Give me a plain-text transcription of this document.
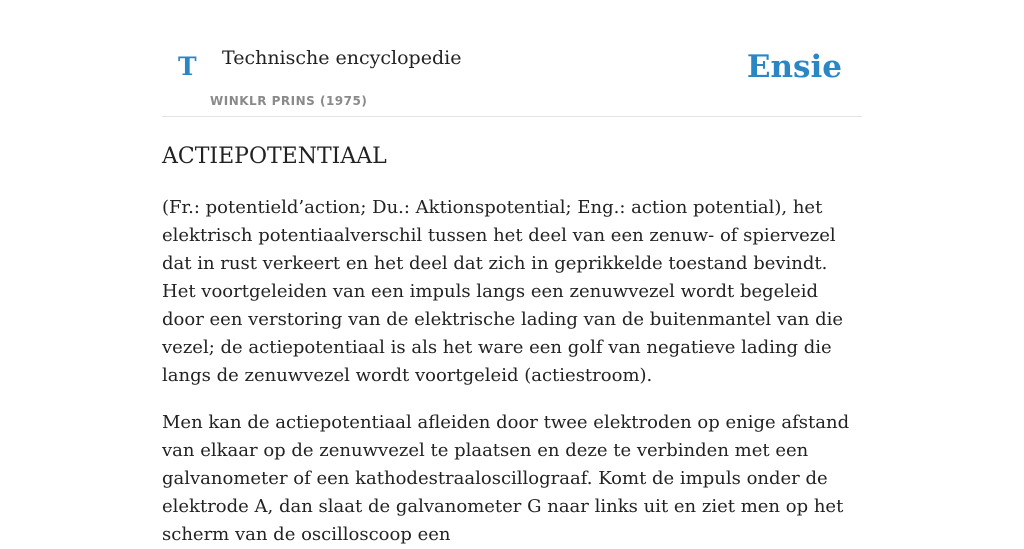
T Technische encyclopedie
WINKLR PRINS (1975)
Ensie
ACTIEPOTENTIAAL

(Fr.: potentield’action; Du.: Aktionspotential; Eng.: action potential), het elektrisch potentiaalverschil tussen het deel van een zenuw- of spiervezel dat in rust verkeert en het deel dat zich in geprikkelde toestand bevindt. Het voortgeleiden van een impuls langs een zenuwvezel wordt begeleid door een verstoring van de elektrische lading van de buitenmantel van die vezel; de actiepotentiaal is als het ware een golf van negatieve lading die langs de zenuwvezel wordt voortgeleid (actiestroom).

Men kan de actiepotentiaal afleiden door twee elektroden op enige afstand van elkaar op de zenuwvezel te plaatsen en deze te verbinden met een galvanometer of een kathodestraaloscillograaf. Komt de impuls onder de elektrode A, dan slaat de galvanometer G naar links uit en ziet men op het scherm van de oscilloscoop een
